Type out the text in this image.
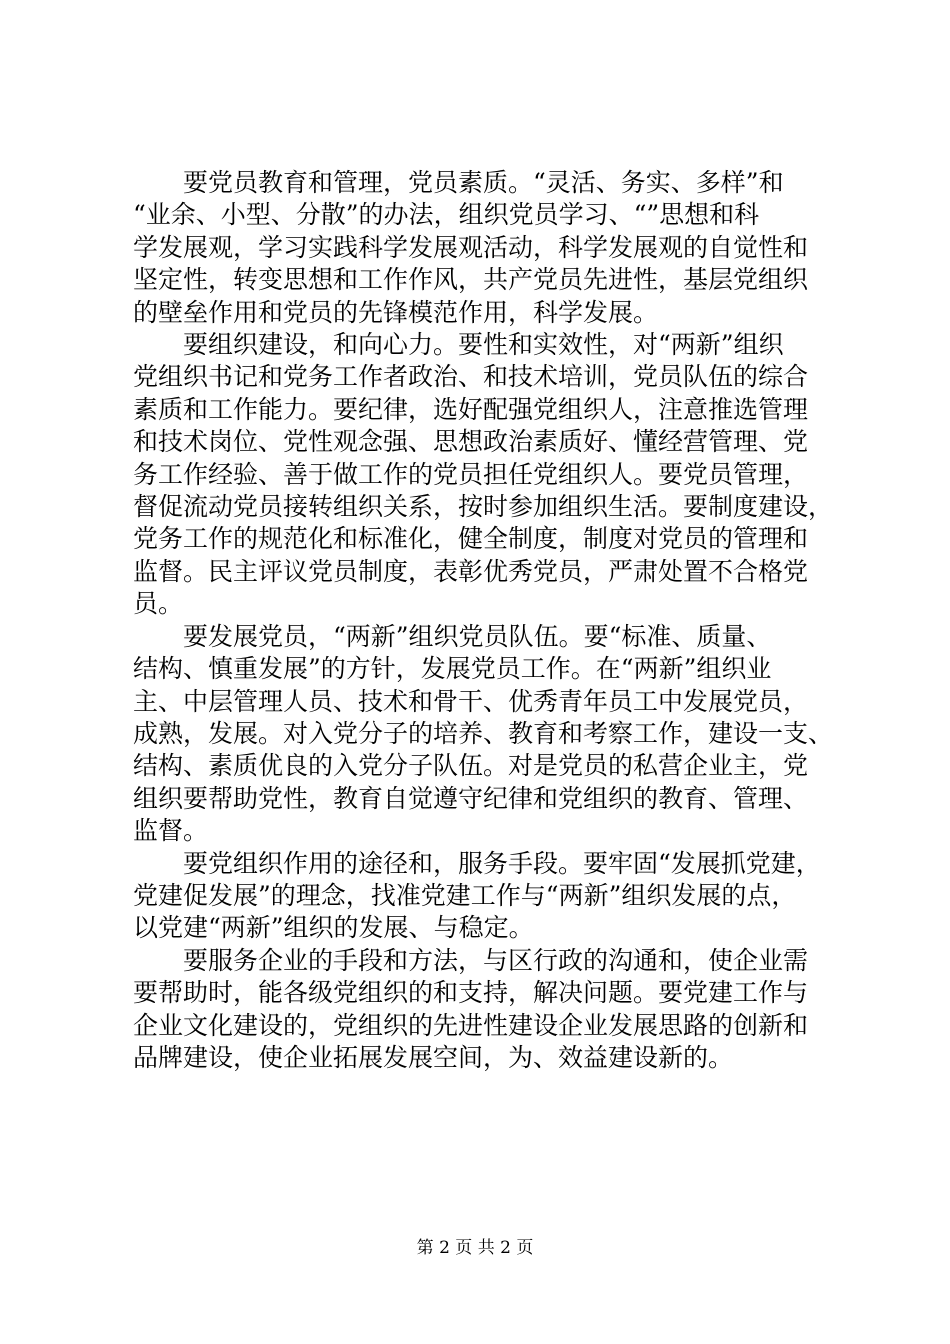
要党员教育和管理，党员素质。“灵活、务实、多样”和
“业余、小型、分散”的办法，组织党员学习、“”思想和科
学发展观，学习实践科学发展观活动，科学发展观的自觉性和
坚定性，转变思想和工作作风，共产党员先进性，基层党组织
的壁垒作用和党员的先锋模范作用，科学发展。

要组织建设，和向心力。要性和实效性，对“两新”组织
党组织书记和党务工作者政治、和技术培训，党员队伍的综合
素质和工作能力。要纪律，选好配强党组织人，注意推选管理
和技术岗位、党性观念强、思想政治素质好、懂经营管理、党
务工作经验、善于做工作的党员担任党组织人。要党员管理，
督促流动党员接转组织关系，按时参加组织生活。要制度建设，
党务工作的规范化和标准化，健全制度，制度对党员的管理和
监督。民主评议党员制度，表彰优秀党员，严肃处置不合格党
员。

要发展党员，“两新”组织党员队伍。要“标准、质量、
结构、慎重发展”的方针，发展党员工作。在“两新”组织业
主、中层管理人员、技术和骨干、优秀青年员工中发展党员，
成熟，发展。对入党分子的培养、教育和考察工作，建设一支、
结构、素质优良的入党分子队伍。对是党员的私营企业主，党
组织要帮助党性，教育自觉遵守纪律和党组织的教育、管理、
监督。

要党组织作用的途径和，服务手段。要牢固“发展抓党建，
党建促发展”的理念，找准党建工作与“两新”组织发展的点，
以党建“两新”组织的发展、与稳定。

要服务企业的手段和方法，与区行政的沟通和，使企业需
要帮助时，能各级党组织的和支持，解决问题。要党建工作与
企业文化建设的，党组织的先进性建设企业发展思路的创新和
品牌建设，使企业拓展发展空间，为、效益建设新的。

第 2 页 共 2 页
